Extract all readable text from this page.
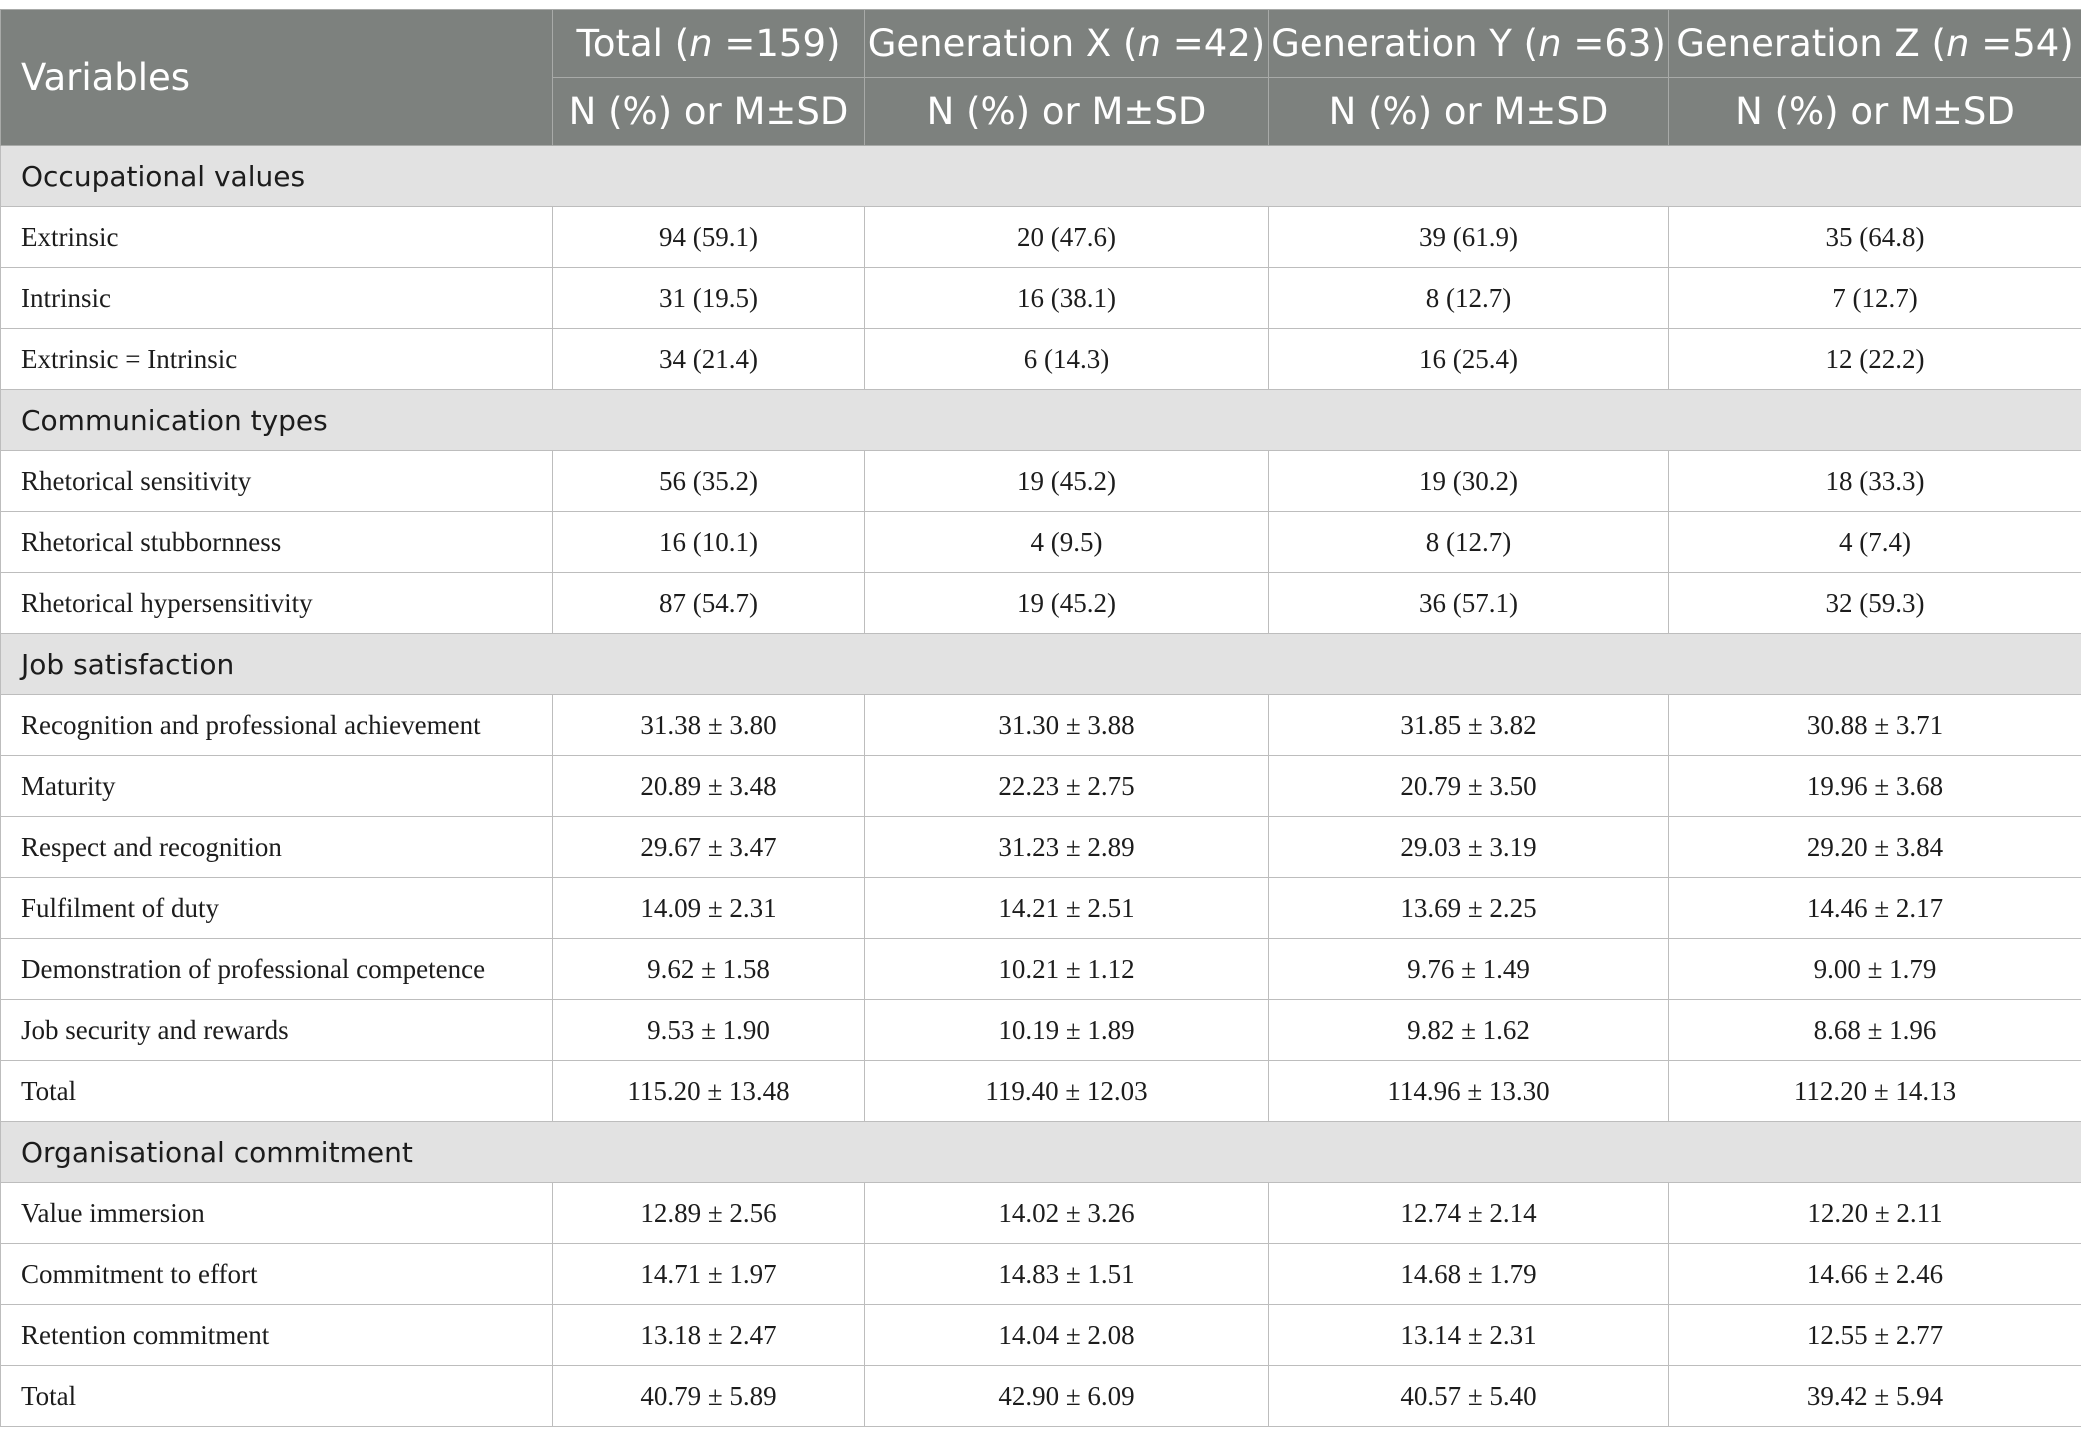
Variables	Total (n =159)	Generation X (n =42)	Generation Y (n =63)	Generation Z (n =54)
	N (%) or M±SD	N (%) or M±SD	N (%) or M±SD	N (%) or M±SD
Occupational values				
Extrinsic	94 (59.1)	20 (47.6)	39 (61.9)	35 (64.8)
Intrinsic	31 (19.5)	16 (38.1)	8 (12.7)	7 (12.7)
Extrinsic = Intrinsic	34 (21.4)	6 (14.3)	16 (25.4)	12 (22.2)
Communication types				
Rhetorical sensitivity	56 (35.2)	19 (45.2)	19 (30.2)	18 (33.3)
Rhetorical stubbornness	16 (10.1)	4 (9.5)	8 (12.7)	4 (7.4)
Rhetorical hypersensitivity	87 (54.7)	19 (45.2)	36 (57.1)	32 (59.3)
Job satisfaction				
Recognition and professional achievement	31.38 ± 3.80	31.30 ± 3.88	31.85 ± 3.82	30.88 ± 3.71
Maturity	20.89 ± 3.48	22.23 ± 2.75	20.79 ± 3.50	19.96 ± 3.68
Respect and recognition	29.67 ± 3.47	31.23 ± 2.89	29.03 ± 3.19	29.20 ± 3.84
Fulfilment of duty	14.09 ± 2.31	14.21 ± 2.51	13.69 ± 2.25	14.46 ± 2.17
Demonstration of professional competence	9.62 ± 1.58	10.21 ± 1.12	9.76 ± 1.49	9.00 ± 1.79
Job security and rewards	9.53 ± 1.90	10.19 ± 1.89	9.82 ± 1.62	8.68 ± 1.96
Total	115.20 ± 13.48	119.40 ± 12.03	114.96 ± 13.30	112.20 ± 14.13
Organisational commitment				
Value immersion	12.89 ± 2.56	14.02 ± 3.26	12.74 ± 2.14	12.20 ± 2.11
Commitment to effort	14.71 ± 1.97	14.83 ± 1.51	14.68 ± 1.79	14.66 ± 2.46
Retention commitment	13.18 ± 2.47	14.04 ± 2.08	13.14 ± 2.31	12.55 ± 2.77
Total	40.79 ± 5.89	42.90 ± 6.09	40.57 ± 5.40	39.42 ± 5.94
